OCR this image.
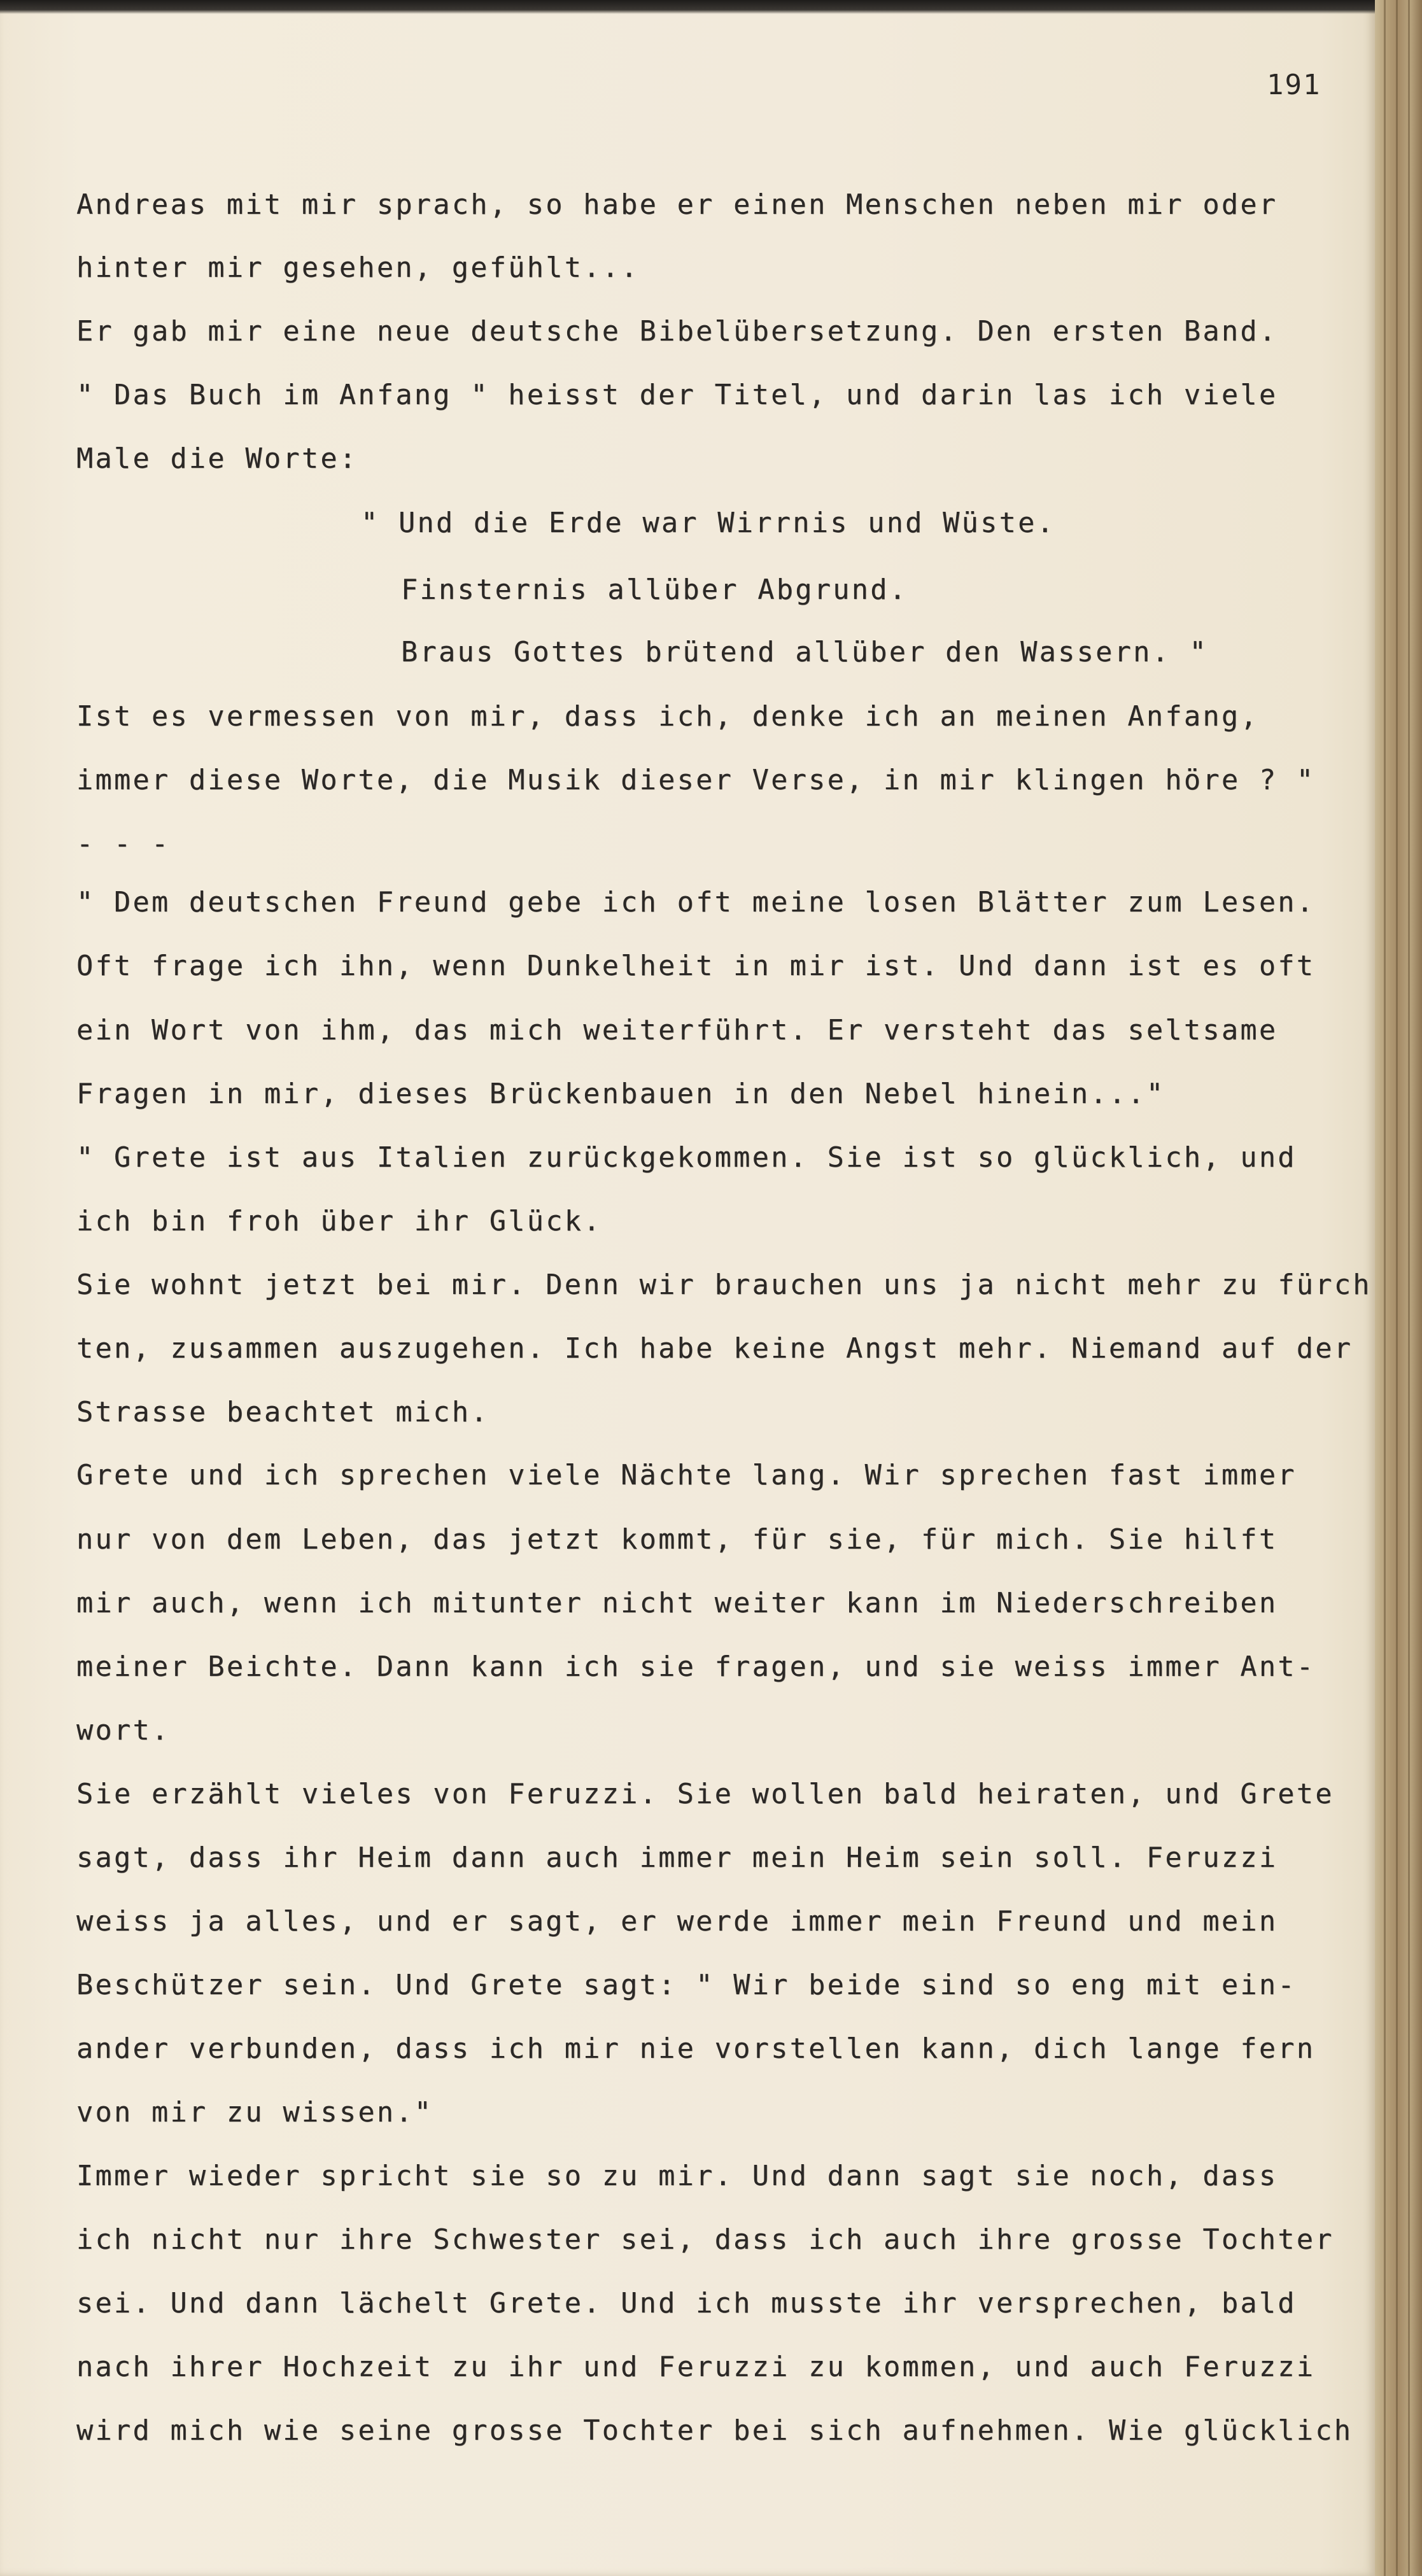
191
Andreas mit mir sprach, so habe er einen Menschen neben mir oder
hinter mir gesehen, gefühlt...
Er gab mir eine neue deutsche Bibelübersetzung. Den ersten Band.
" Das Buch im Anfang " heisst der Titel, und darin las ich viele
Male die Worte:
" Und die Erde war Wirrnis und Wüste.
Finsternis allüber Abgrund.
Braus Gottes brütend allüber den Wassern. "
Ist es vermessen von mir, dass ich, denke ich an meinen Anfang,
immer diese Worte, die Musik dieser Verse, in mir klingen höre ? "
- - -
" Dem deutschen Freund gebe ich oft meine losen Blätter zum Lesen.
Oft frage ich ihn, wenn Dunkelheit in mir ist. Und dann ist es oft
ein Wort von ihm, das mich weiterführt. Er versteht das seltsame
Fragen in mir, dieses Brückenbauen in den Nebel hinein..."
" Grete ist aus Italien zurückgekommen. Sie ist so glücklich, und
ich bin froh über ihr Glück.
Sie wohnt jetzt bei mir. Denn wir brauchen uns ja nicht mehr zu fürch
ten, zusammen auszugehen. Ich habe keine Angst mehr. Niemand auf der
Strasse beachtet mich.
Grete und ich sprechen viele Nächte lang. Wir sprechen fast immer
nur von dem Leben, das jetzt kommt, für sie, für mich. Sie hilft
mir auch, wenn ich mitunter nicht weiter kann im Niederschreiben
meiner Beichte. Dann kann ich sie fragen, und sie weiss immer Ant-
wort.
Sie erzählt vieles von Feruzzi. Sie wollen bald heiraten, und Grete
sagt, dass ihr Heim dann auch immer mein Heim sein soll. Feruzzi
weiss ja alles, und er sagt, er werde immer mein Freund und mein
Beschützer sein. Und Grete sagt: " Wir beide sind so eng mit ein-
ander verbunden, dass ich mir nie vorstellen kann, dich lange fern
von mir zu wissen."
Immer wieder spricht sie so zu mir. Und dann sagt sie noch, dass
ich nicht nur ihre Schwester sei, dass ich auch ihre grosse Tochter
sei. Und dann lächelt Grete. Und ich musste ihr versprechen, bald
nach ihrer Hochzeit zu ihr und Feruzzi zu kommen, und auch Feruzzi
wird mich wie seine grosse Tochter bei sich aufnehmen. Wie glücklich
